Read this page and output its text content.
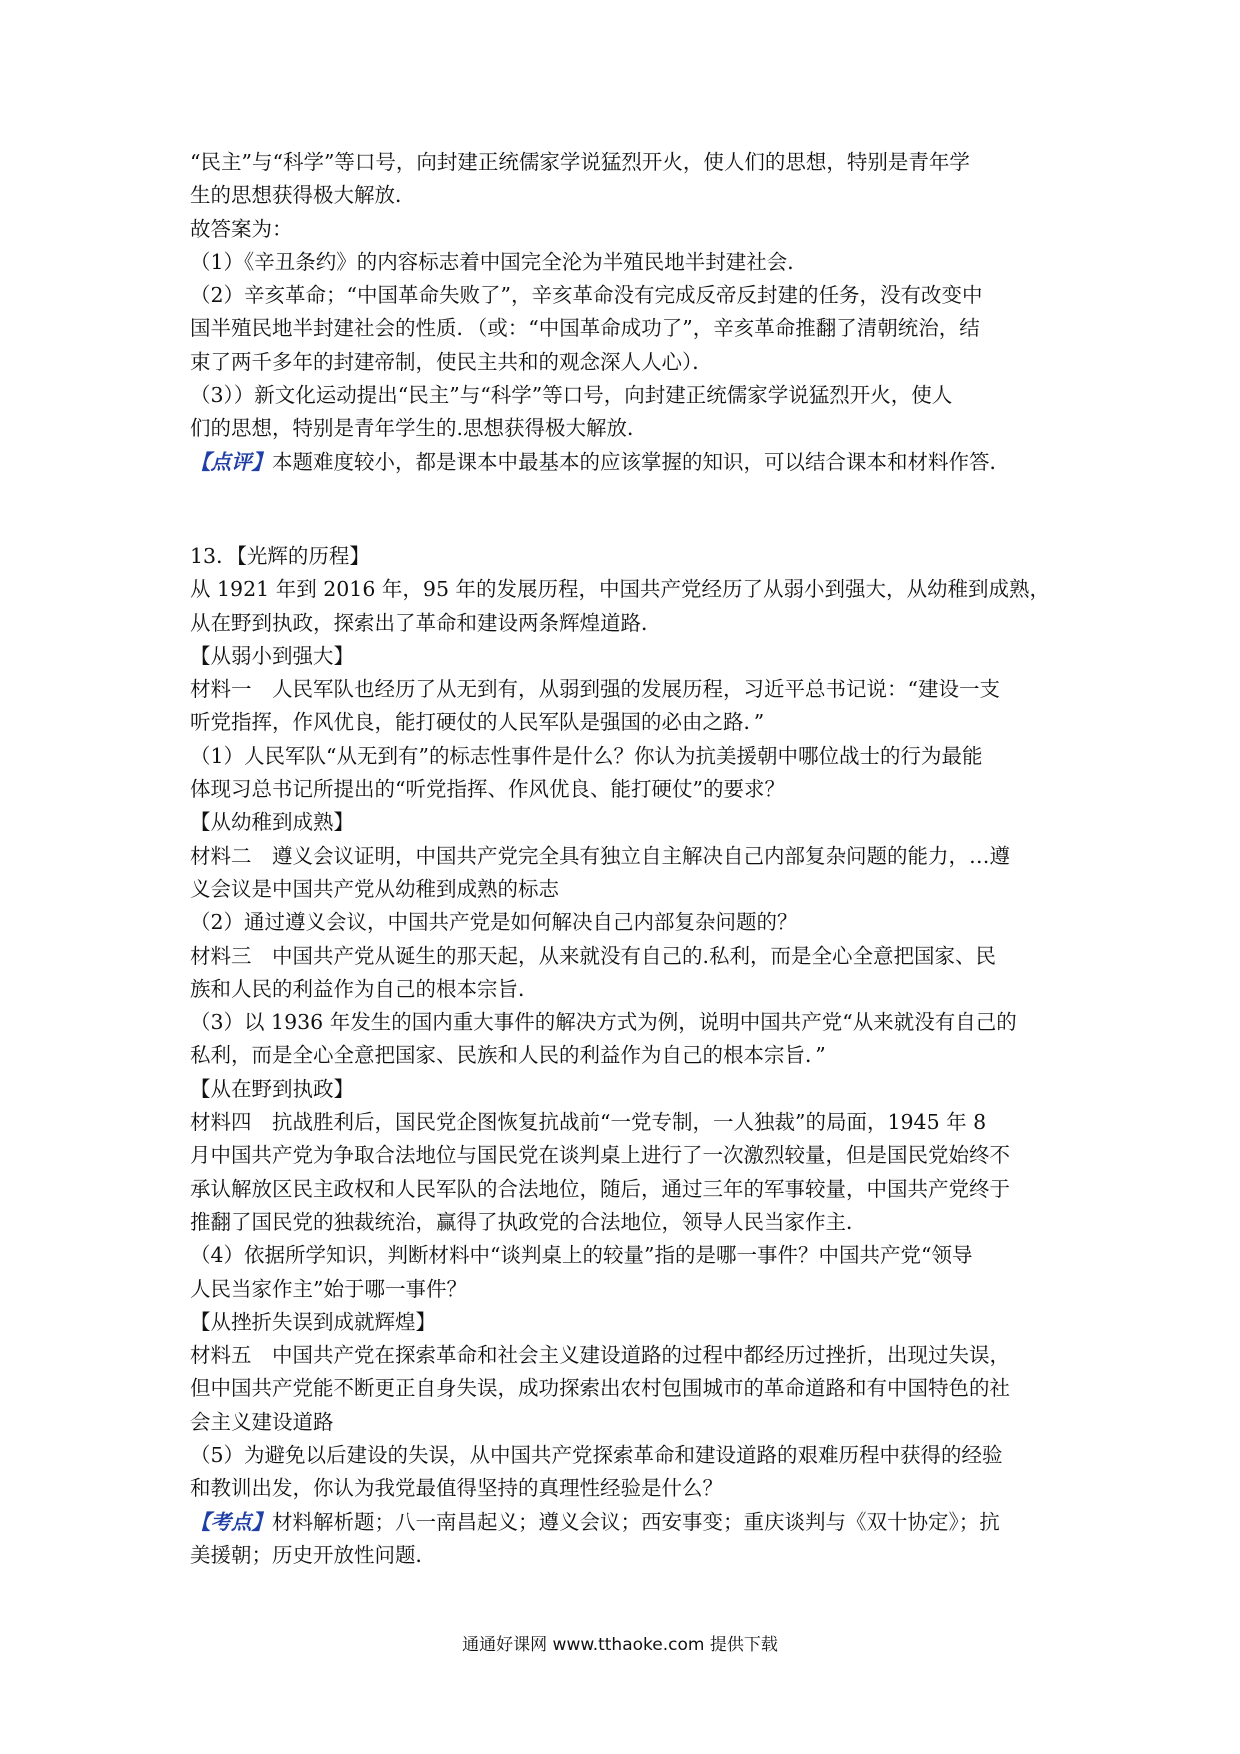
“民主”与“科学”等口号，向封建正统儒家学说猛烈开火，使人们的思想，特别是青年学
生的思想获得极大解放．
故答案为：
（1）《辛丑条约》的内容标志着中国完全沦为半殖民地半封建社会．
（2）辛亥革命；“中国革命失败了”，辛亥革命没有完成反帝反封建的任务，没有改变中
国半殖民地半封建社会的性质．（或：“中国革命成功了”，辛亥革命推翻了清朝统治，结
束了两千多年的封建帝制，使民主共和的观念深人人心）．
（3））新文化运动提出“民主”与“科学”等口号，向封建正统儒家学说猛烈开火，使人
们的思想，特别是青年学生的.思想获得极大解放．
【点评】本题难度较小，都是课本中最基本的应该掌握的知识，可以结合课本和材料作答．
13．【光辉的历程】
从 1921 年到 2016 年，95 年的发展历程，中国共产党经历了从弱小到强大，从幼稚到成熟，
从在野到执政，探索出了革命和建设两条辉煌道路．
【从弱小到强大】
材料一　人民军队也经历了从无到有，从弱到强的发展历程，习近平总书记说：“建设一支
听党指挥，作风优良，能打硬仗的人民军队是强国的必由之路．”
（1）人民军队“从无到有”的标志性事件是什么？你认为抗美援朝中哪位战士的行为最能
体现习总书记所提出的“听党指挥、作风优良、能打硬仗”的要求？
【从幼稚到成熟】
材料二　遵义会议证明，中国共产党完全具有独立自主解决自己内部复杂问题的能力，…遵
义会议是中国共产党从幼稚到成熟的标志
（2）通过遵义会议，中国共产党是如何解决自己内部复杂问题的？
材料三　中国共产党从诞生的那天起，从来就没有自己的.私利，而是全心全意把国家、民
族和人民的利益作为自己的根本宗旨．
（3）以 1936 年发生的国内重大事件的解决方式为例，说明中国共产党“从来就没有自己的
私利，而是全心全意把国家、民族和人民的利益作为自己的根本宗旨．”
【从在野到执政】
材料四　抗战胜利后，国民党企图恢复抗战前“一党专制，一人独裁”的局面，1945 年 8
月中国共产党为争取合法地位与国民党在谈判桌上进行了一次激烈较量，但是国民党始终不
承认解放区民主政权和人民军队的合法地位，随后，通过三年的军事较量，中国共产党终于
推翻了国民党的独裁统治，赢得了执政党的合法地位，领导人民当家作主．
（4）依据所学知识，判断材料中“谈判桌上的较量”指的是哪一事件？中国共产党“领导
人民当家作主”始于哪一事件？
【从挫折失误到成就辉煌】
材料五　中国共产党在探索革命和社会主义建设道路的过程中都经历过挫折，出现过失误，
但中国共产党能不断更正自身失误，成功探索出农村包围城市的革命道路和有中国特色的社
会主义建设道路
（5）为避免以后建设的失误，从中国共产党探索革命和建设道路的艰难历程中获得的经验
和教训出发，你认为我党最值得坚持的真理性经验是什么？
【考点】材料解析题；八一南昌起义；遵义会议；西安事变；重庆谈判与《双十协定》；抗
美援朝；历史开放性问题．
通通好课网 www.tthaoke.com 提供下载
